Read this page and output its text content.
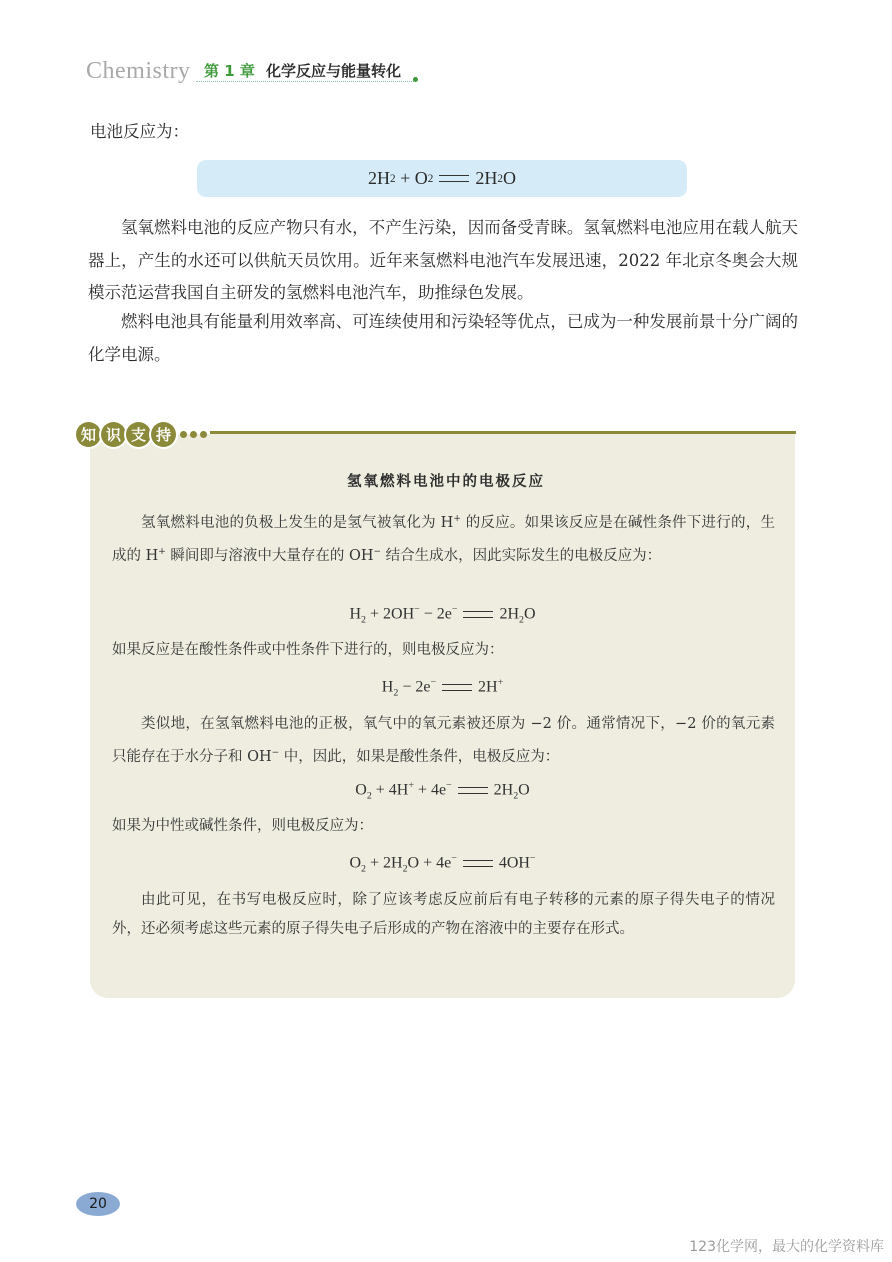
Chemistry 第 1 章 化学反应与能量转化
电池反应为：
2H 2 + O 2 2H 2 O

氢氧燃料电池的反应产物只有水，不产生污染，因而备受青睐。氢氧燃料电池应用在载人航天器上，产生的水还可以供航天员饮用。近年来氢燃料电池汽车发展迅速，2022 年北京冬奥会大规模示范运营我国自主研发的氢燃料电池汽车，助推绿色发展。

燃料电池具有能量利用效率高、可连续使用和污染轻等优点，已成为一种发展前景十分广阔的化学电源。

知 识 支 持
氢氧燃料电池中的电极反应

氢氧燃料电池的负极上发生的是氢气被氧化为 H+ 的反应。如果该反应是在碱性条件下进行的，生成的 H+ 瞬间即与溶液中大量存在的 OH− 结合生成水，因此实际发生的电极反应为：

$H_2 + 2OH^- - 2e^-$	$2H_2O$

如果反应是在酸性条件或中性条件下进行的，则电极反应为：

$H_2 - 2e^-$	2H+

类似地，在氢氧燃料电池的正极，氧气中的氧元素被还原为 −2 价。通常情况下，−2 价的氧元素只能存在于水分子和 OH− 中，因此，如果是酸性条件，电极反应为：

$O_2 + 4H^+ + 4e^-$	$2H_2O$

如果为中性或碱性条件，则电极反应为：

$O_2 + 2H_2O + 4e^-$	4OH−

由此可见，在书写电极反应时，除了应该考虑反应前后有电子转移的元素的原子得失电子的情况外，还必须考虑这些元素的原子得失电子后形成的产物在溶液中的主要存在形式。

20
123化学网，最大的化学资料库
